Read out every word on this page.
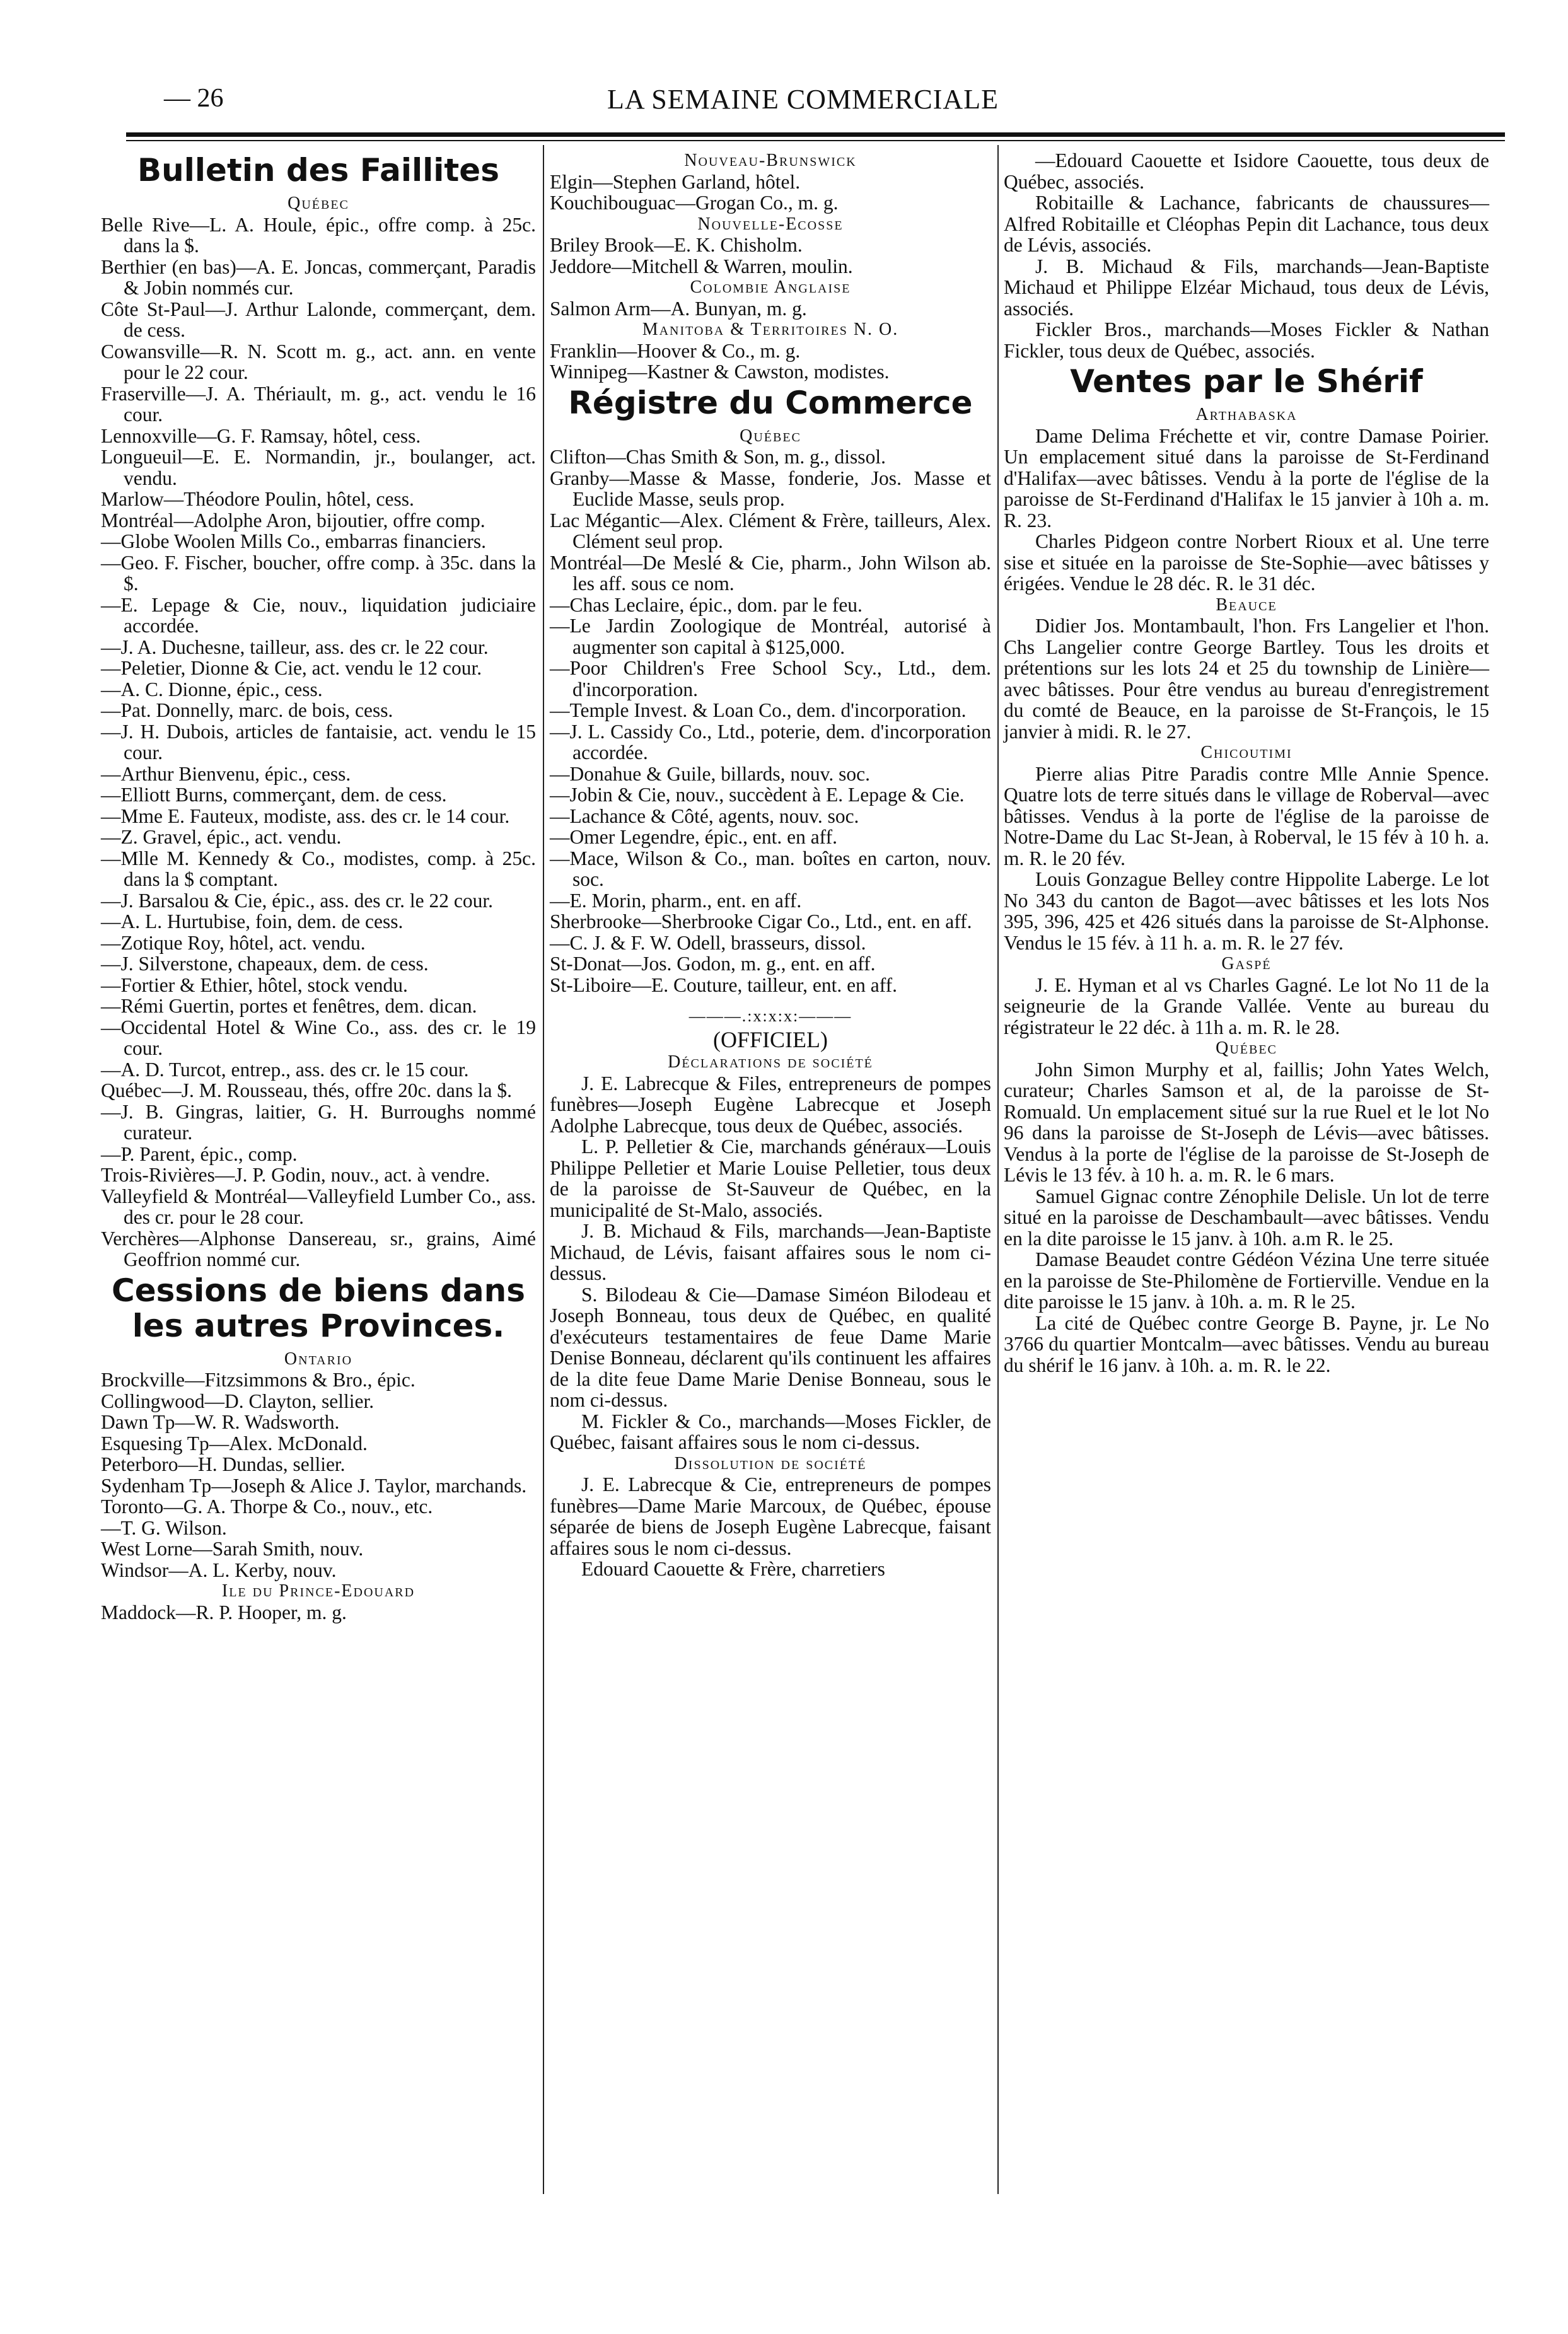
— 26	LA SEMAINE COMMERCIALE

Bulletin des Faillites

Québec

Belle Rive—L. A. Houle, épic., offre comp. à 25c. dans la $.

Berthier (en bas)—A. E. Joncas, commerçant, Paradis & Jobin nommés cur.

Côte St-Paul—J. Arthur Lalonde, commerçant, dem. de cess.

Cowansville—R. N. Scott m. g., act. ann. en vente pour le 22 cour.

Fraserville—J. A. Thériault, m. g., act. vendu le 16 cour.

Lennoxville—G. F. Ramsay, hôtel, cess.

Longueuil—E. E. Normandin, jr., boulanger, act. vendu.

Marlow—Théodore Poulin, hôtel, cess.

Montréal—Adolphe Aron, bijoutier, offre comp.

—Globe Woolen Mills Co., embarras financiers.

—Geo. F. Fischer, boucher, offre comp. à 35c. dans la $.

—E. Lepage & Cie, nouv., liquidation judiciaire accordée.

—J. A. Duchesne, tailleur, ass. des cr. le 22 cour.

—Peletier, Dionne & Cie, act. vendu le 12 cour.

—A. C. Dionne, épic., cess.

—Pat. Donnelly, marc. de bois, cess.

—J. H. Dubois, articles de fantaisie, act. vendu le 15 cour.

—Arthur Bienvenu, épic., cess.

—Elliott Burns, commerçant, dem. de cess.

—Mme E. Fauteux, modiste, ass. des cr. le 14 cour.

—Z. Gravel, épic., act. vendu.

—Mlle M. Kennedy & Co., modistes, comp. à 25c. dans la $ comptant.

—J. Barsalou & Cie, épic., ass. des cr. le 22 cour.

—A. L. Hurtubise, foin, dem. de cess.

—Zotique Roy, hôtel, act. vendu.

—J. Silverstone, chapeaux, dem. de cess.

—Fortier & Ethier, hôtel, stock vendu.

—Rémi Guertin, portes et fenêtres, dem. dican.

—Occidental Hotel & Wine Co., ass. des cr. le 19 cour.

—A. D. Turcot, entrep., ass. des cr. le 15 cour.

Québec—J. M. Rousseau, thés, offre 20c. dans la $.

—J. B. Gingras, laitier, G. H. Burroughs nommé curateur.

—P. Parent, épic., comp.

Trois-Rivières—J. P. Godin, nouv., act. à vendre.

Valleyfield & Montréal—Valleyfield Lumber Co., ass. des cr. pour le 28 cour.

Verchères—Alphonse Dansereau, sr., grains, Aimé Geoffrion nommé cur.

Cessions de biens dans les autres Provinces.

Ontario

Brockville—Fitzsimmons & Bro., épic.

Collingwood—D. Clayton, sellier.

Dawn Tp—W. R. Wadsworth.

Esquesing Tp—Alex. McDonald.

Peterboro—H. Dundas, sellier.

Sydenham Tp—Joseph & Alice J. Taylor, marchands.

Toronto—G. A. Thorpe & Co., nouv., etc.

—T. G. Wilson.

West Lorne—Sarah Smith, nouv.

Windsor—A. L. Kerby, nouv.

Ile du Prince-Edouard

Maddock—R. P. Hooper, m. g.

Nouveau-Brunswick

Elgin—Stephen Garland, hôtel.

Kouchibouguac—Grogan Co., m. g.

Nouvelle-Ecosse

Briley Brook—E. K. Chisholm.

Jeddore—Mitchell & Warren, moulin.

Colombie Anglaise

Salmon Arm—A. Bunyan, m. g.

Manitoba & Territoires N. O.

Franklin—Hoover & Co., m. g.

Winnipeg—Kastner & Cawston, modistes.

Régistre du Commerce

Québec

Clifton—Chas Smith & Son, m. g., dissol.

Granby—Masse & Masse, fonderie, Jos. Masse et Euclide Masse, seuls prop.

Lac Mégantic—Alex. Clément & Frère, tailleurs, Alex. Clément seul prop.

Montréal—De Meslé & Cie, pharm., John Wilson ab. les aff. sous ce nom.

—Chas Leclaire, épic., dom. par le feu.

—Le Jardin Zoologique de Montréal, autorisé à augmenter son capital à $125,000.

—Poor Children's Free School Scy., Ltd., dem. d'incorporation.

—Temple Invest. & Loan Co., dem. d'incorporation.

—J. L. Cassidy Co., Ltd., poterie, dem. d'incorporation accordée.

—Donahue & Guile, billards, nouv. soc.

—Jobin & Cie, nouv., succèdent à E. Lepage & Cie.

—Lachance & Côté, agents, nouv. soc.

—Omer Legendre, épic., ent. en aff.

—Mace, Wilson & Co., man. boîtes en carton, nouv. soc.

—E. Morin, pharm., ent. en aff.

Sherbrooke—Sherbrooke Cigar Co., Ltd., ent. en aff.

—C. J. & F. W. Odell, brasseurs, dissol.

St-Donat—Jos. Godon, m. g., ent. en aff.

St-Liboire—E. Couture, tailleur, ent. en aff.

———.:x:x:x:———

(OFFICIEL)

Déclarations de société

J. E. Labrecque & Files, entrepreneurs de pompes funèbres—Joseph Eugène Labrecque et Joseph Adolphe Labrecque, tous deux de Québec, associés.

L. P. Pelletier & Cie, marchands généraux—Louis Philippe Pelletier et Marie Louise Pelletier, tous deux de la paroisse de St-Sauveur de Québec, en la municipalité de St-Malo, associés.

J. B. Michaud & Fils, marchands—Jean-Baptiste Michaud, de Lévis, faisant affaires sous le nom ci-dessus.

S. Bilodeau & Cie—Damase Siméon Bilodeau et Joseph Bonneau, tous deux de Québec, en qualité d'exécuteurs testamentaires de feue Dame Marie Denise Bonneau, déclarent qu'ils continuent les affaires de la dite feue Dame Marie Denise Bonneau, sous le nom ci-dessus.

M. Fickler & Co., marchands—Moses Fickler, de Québec, faisant affaires sous le nom ci-dessus.

Dissolution de société

J. E. Labrecque & Cie, entrepreneurs de pompes funèbres—Dame Marie Marcoux, de Québec, épouse séparée de biens de Joseph Eugène Labrecque, faisant affaires sous le nom ci-dessus.

Edouard Caouette & Frère, charretiers

—Edouard Caouette et Isidore Caouette, tous deux de Québec, associés.

Robitaille & Lachance, fabricants de chaussures—Alfred Robitaille et Cléophas Pepin dit Lachance, tous deux de Lévis, associés.

J. B. Michaud & Fils, marchands—Jean-Baptiste Michaud et Philippe Elzéar Michaud, tous deux de Lévis, associés.

Fickler Bros., marchands—Moses Fickler & Nathan Fickler, tous deux de Québec, associés.

Ventes par le Shérif

Arthabaska

Dame Delima Fréchette et vir, contre Damase Poirier. Un emplacement situé dans la paroisse de St-Ferdinand d'Halifax—avec bâtisses. Vendu à la porte de l'église de la paroisse de St-Ferdinand d'Halifax le 15 janvier à 10h a. m. R. 23.

Charles Pidgeon contre Norbert Rioux et al. Une terre sise et située en la paroisse de Ste-Sophie—avec bâtisses y érigées. Vendue le 28 déc. R. le 31 déc.

Beauce

Didier Jos. Montambault, l'hon. Frs Langelier et l'hon. Chs Langelier contre George Bartley. Tous les droits et prétentions sur les lots 24 et 25 du township de Linière—avec bâtisses. Pour être vendus au bureau d'enregistrement du comté de Beauce, en la paroisse de St-François, le 15 janvier à midi. R. le 27.

Chicoutimi

Pierre alias Pitre Paradis contre Mlle Annie Spence. Quatre lots de terre situés dans le village de Roberval—avec bâtisses. Vendus à la porte de l'église de la paroisse de Notre-Dame du Lac St-Jean, à Roberval, le 15 fév à 10 h. a. m. R. le 20 fév.

Louis Gonzague Belley contre Hippolite Laberge. Le lot No 343 du canton de Bagot—avec bâtisses et les lots Nos 395, 396, 425 et 426 situés dans la paroisse de St-Alphonse. Vendus le 15 fév. à 11 h. a. m. R. le 27 fév.

Gaspé

J. E. Hyman et al vs Charles Gagné. Le lot No 11 de la seigneurie de la Grande Vallée. Vente au bureau du régistrateur le 22 déc. à 11h a. m. R. le 28.

Québec

John Simon Murphy et al, faillis; John Yates Welch, curateur; Charles Samson et al, de la paroisse de St-Romuald. Un emplacement situé sur la rue Ruel et le lot No 96 dans la paroisse de St-Joseph de Lévis—avec bâtisses. Vendus à la porte de l'église de la paroisse de St-Joseph de Lévis le 13 fév. à 10 h. a. m. R. le 6 mars.

Samuel Gignac contre Zénophile Delisle. Un lot de terre situé en la paroisse de Deschambault—avec bâtisses. Vendu en la dite paroisse le 15 janv. à 10h. a.m R. le 25.

Damase Beaudet contre Gédéon Vézina Une terre située en la paroisse de Ste-Philomène de Fortierville. Vendue en la dite paroisse le 15 janv. à 10h. a. m. R le 25.

La cité de Québec contre George B. Payne, jr. Le No 3766 du quartier Montcalm—avec bâtisses. Vendu au bureau du shérif le 16 janv. à 10h. a. m. R. le 22.
